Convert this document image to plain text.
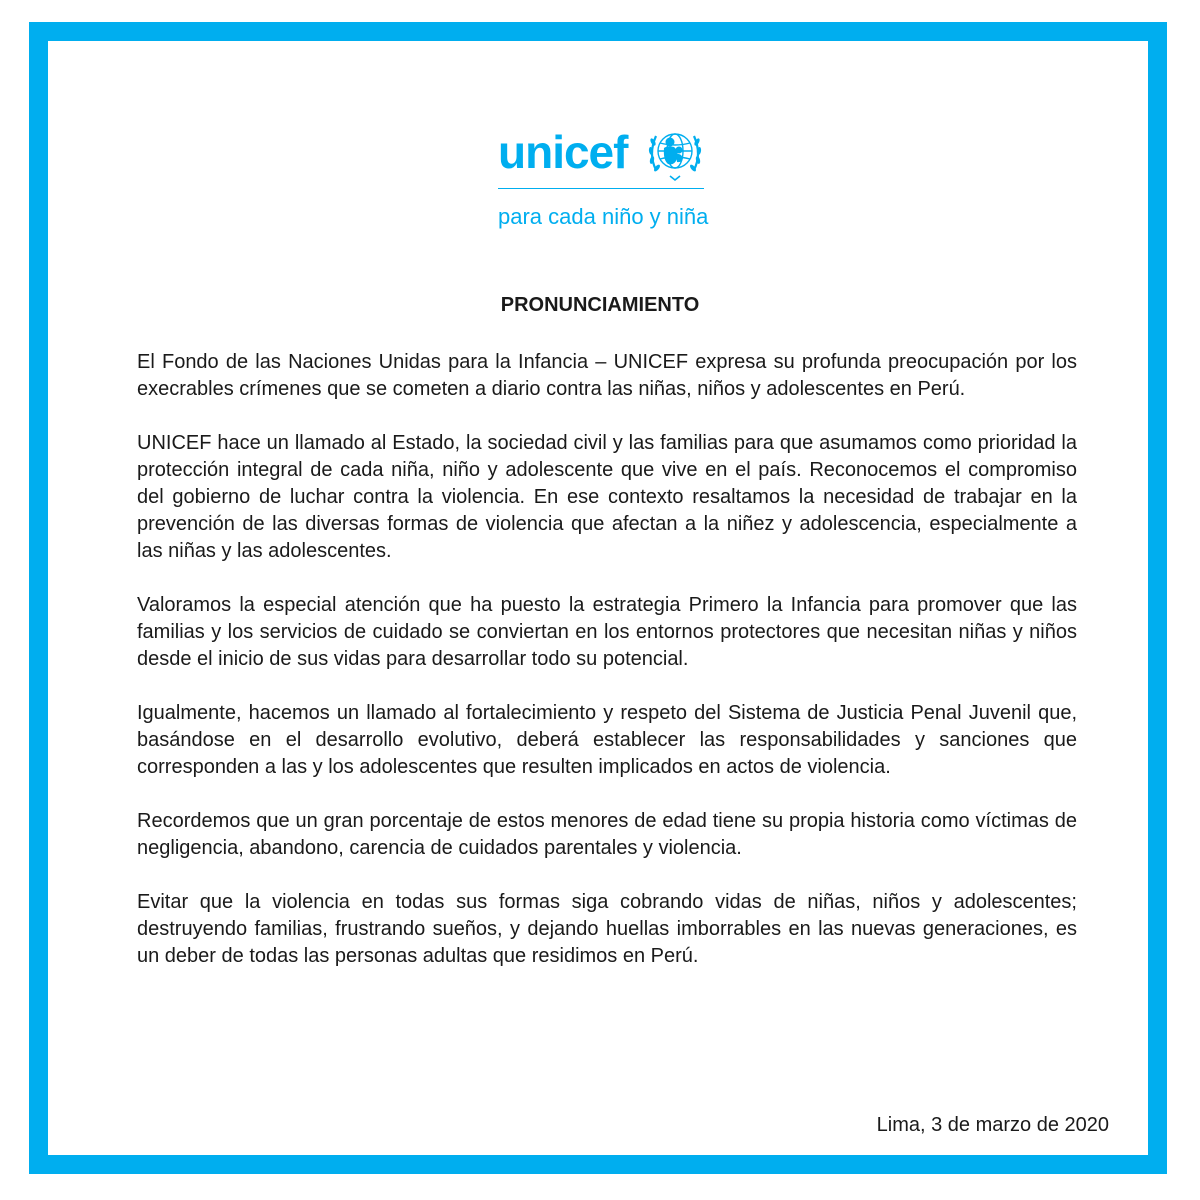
unicef
para cada niño y niña
PRONUNCIAMIENTO

El Fondo de las Naciones Unidas para la Infancia – UNICEF expresa su profunda preocupación por los execrables crímenes que se cometen a diario contra las niñas, niños y adolescentes en Perú.

UNICEF hace un llamado al Estado, la sociedad civil y las familias para que asumamos como prioridad la protección integral de cada niña, niño y adolescente que vive en el país. Reconocemos el compromiso del gobierno de luchar contra la violencia. En ese contexto resaltamos la necesidad de trabajar en la prevención de las diversas formas de violencia que afectan a la niñez y adolescencia, especialmente a las niñas y las adolescentes.

Valoramos la especial atención que ha puesto la estrategia Primero la Infancia para promover que las familias y los servicios de cuidado se conviertan en los entornos protectores que necesitan niñas y niños desde el inicio de sus vidas para desarrollar todo su potencial.

Igualmente, hacemos un llamado al fortalecimiento y respeto del Sistema de Justicia Penal Juvenil que, basándose en el desarrollo evolutivo, deberá establecer las responsabilidades y sanciones que corresponden a las y los adolescentes que resulten implicados en actos de violencia.

Recordemos que un gran porcentaje de estos menores de edad tiene su propia historia como víctimas de negligencia, abandono, carencia de cuidados parentales y violencia.

Evitar que la violencia en todas sus formas siga cobrando vidas de niñas, niños y adolescentes; destruyendo familias, frustrando sueños, y dejando huellas imborrables en las nuevas generaciones, es un deber de todas las personas adultas que residimos en Perú.

Lima, 3 de marzo de 2020
